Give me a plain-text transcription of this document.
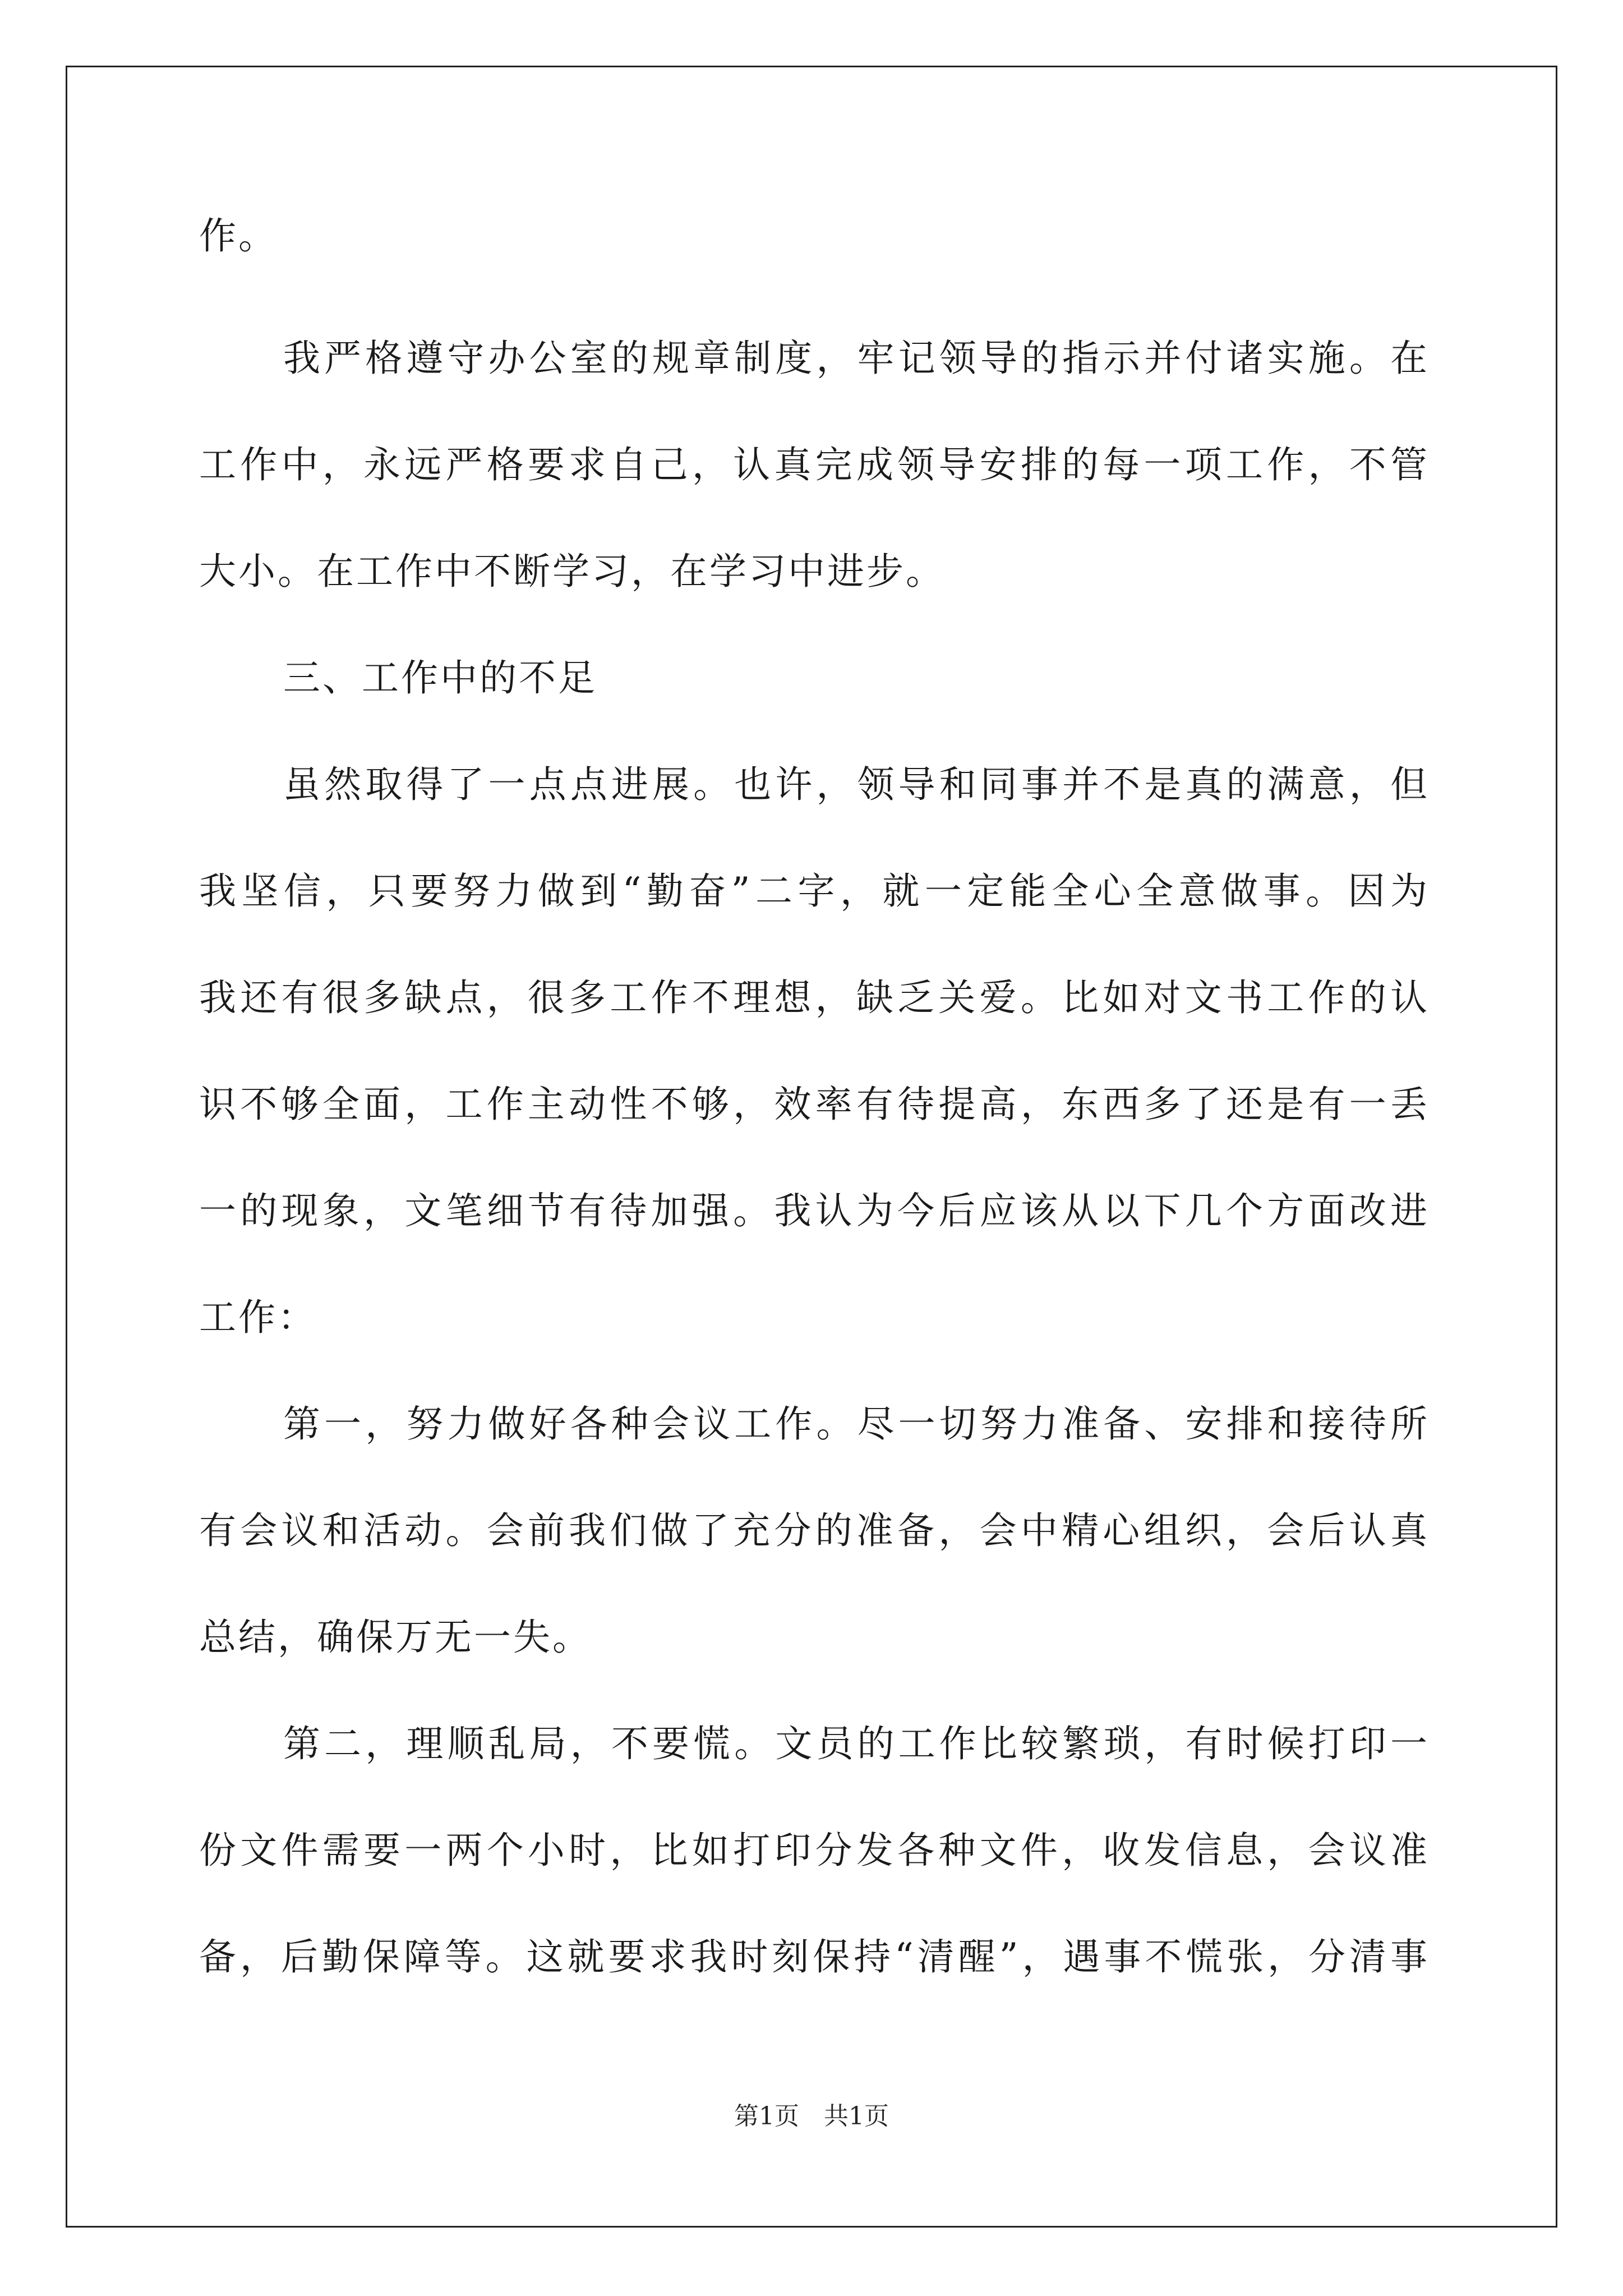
作。
我严格遵守办公室的规章制度，牢记领导的指示并付诸实施。在
工作中，永远严格要求自己，认真完成领导安排的每一项工作，不管
大小。在工作中不断学习，在学习中进步。
三、工作中的不足
虽然取得了一点点进展。也许，领导和同事并不是真的满意，但
我坚信，只要努力做到“勤奋”二字，就一定能全心全意做事。因为
我还有很多缺点，很多工作不理想，缺乏关爱。比如对文书工作的认
识不够全面，工作主动性不够，效率有待提高，东西多了还是有一丢
一的现象，文笔细节有待加强。我认为今后应该从以下几个方面改进
工作：
第一，努力做好各种会议工作。尽一切努力准备、安排和接待所
有会议和活动。会前我们做了充分的准备，会中精心组织，会后认真
总结，确保万无一失。
第二，理顺乱局，不要慌。文员的工作比较繁琐，有时候打印一
份文件需要一两个小时，比如打印分发各种文件，收发信息，会议准
备，后勤保障等。这就要求我时刻保持“清醒”，遇事不慌张，分清事
第1页　共1页
